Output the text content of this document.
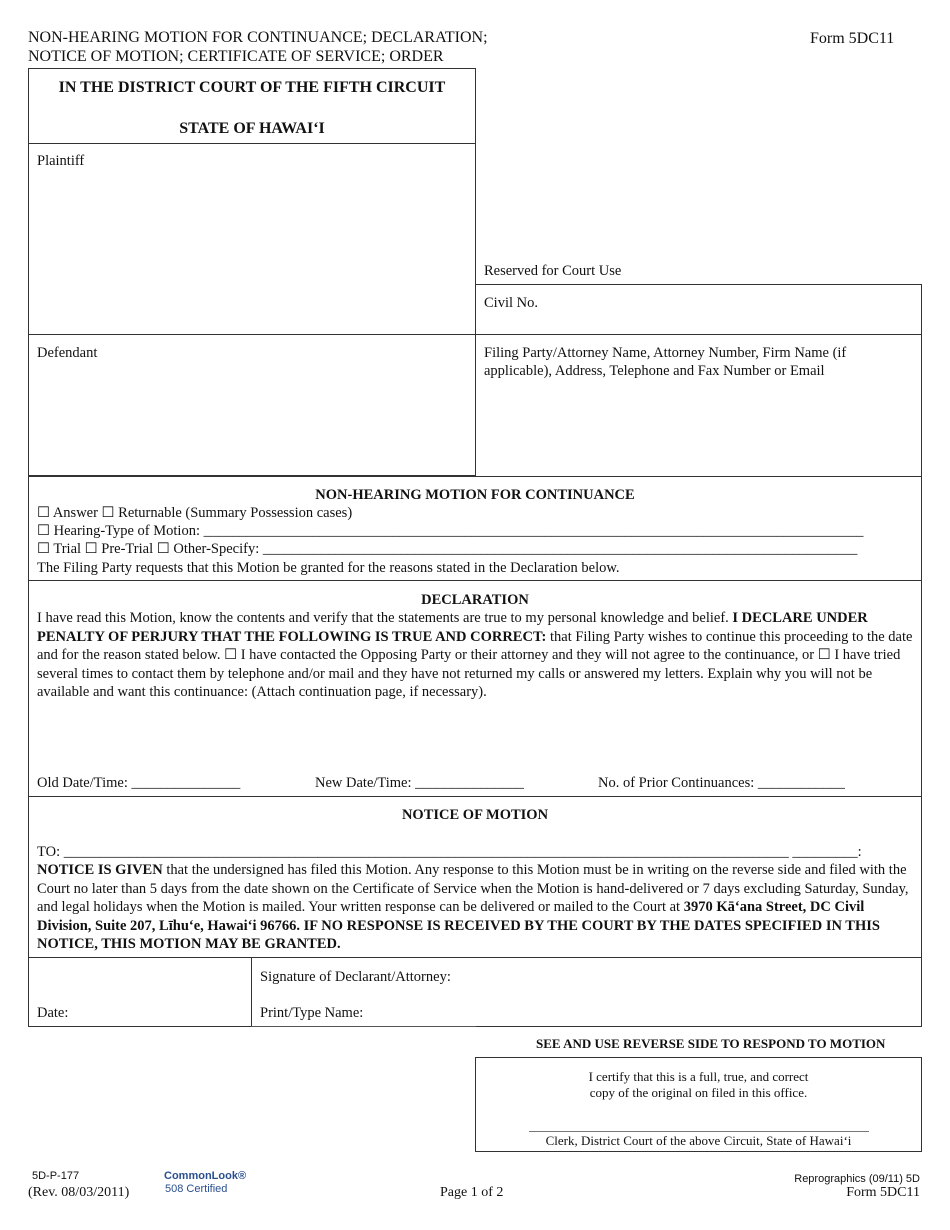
NON-HEARING MOTION FOR CONTINUANCE; DECLARATION;
NOTICE OF MOTION; CERTIFICATE OF SERVICE; ORDER
Form 5DC11
IN THE DISTRICT COURT OF THE FIFTH CIRCUIT
STATE OF HAWAI‘I
Plaintiff
Defendant
Reserved for Court Use
Civil No.
Filing Party/Attorney Name, Attorney Number, Firm Name (if
applicable), Address, Telephone and Fax Number or Email
NON-HEARING MOTION FOR CONTINUANCE
☐ Answer ☐ Returnable (Summary Possession cases)
☐ Hearing-Type of Motion: ___________________________________________________________________________________________
☐ Trial ☐ Pre-Trial ☐ Other-Specify: __________________________________________________________________________________
The Filing Party requests that this Motion be granted for the reasons stated in the Declaration below.
DECLARATION
I have read this Motion, know the contents and verify that the statements are true to my personal knowledge and belief. I DECLARE UNDER PENALTY OF PERJURY THAT THE FOLLOWING IS TRUE AND CORRECT: that Filing Party wishes to continue this proceeding to the date and for the reason stated below. ☐ I have contacted the Opposing Party or their attorney and they will not agree to the continuance, or ☐ I have tried several times to contact them by telephone and/or mail and they have not returned my calls or answered my letters. Explain why you will not be available and want this continuance: (Attach continuation page, if necessary).
Old Date/Time: _______________	New Date/Time: _______________	No. of Prior Continuances: ____________
NOTICE OF MOTION
TO: ____________________________________________________________________________________________________ _________:
NOTICE IS GIVEN that the undersigned has filed this Motion. Any response to this Motion must be in writing on the reverse side and filed with the Court no later than 5 days from the date shown on the Certificate of Service when the Motion is hand-delivered or 7 days excluding Saturday, Sunday, and legal holidays when the Motion is mailed. Your written response can be delivered or mailed to the Court at 3970 Kā‘ana Street, DC Civil Division, Suite 207, Līhu‘e, Hawai‘i 96766. IF NO RESPONSE IS RECEIVED BY THE COURT BY THE DATES SPECIFIED IN THIS NOTICE, THIS MOTION MAY BE GRANTED.
Date:
Signature of Declarant/Attorney:
Print/Type Name:
SEE AND USE REVERSE SIDE TO RESPOND TO MOTION
I certify that this is a full, true, and correct
copy of the original on filed in this office.
Clerk, District Court of the above Circuit, State of Hawai‘i
5D-P-177
(Rev. 08/03/2011)
CommonLook®
508 Certified	Page 1 of 2
Reprographics (09/11) 5D
Form 5DC11
